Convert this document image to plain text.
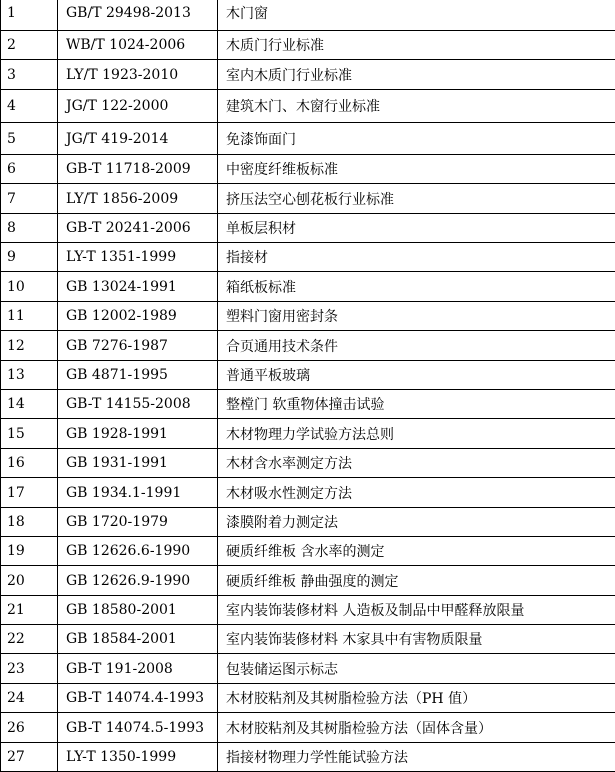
1	GB/T 29498-2013	木门窗
2	WB/T 1024-2006	木质门行业标准
3	LY/T 1923-2010	室内木质门行业标准
4	JG/T 122-2000	建筑木门、木窗行业标准
5	JG/T 419-2014	免漆饰面门
6	GB-T 11718-2009	中密度纤维板标准
7	LY/T 1856-2009	挤压法空心刨花板行业标准
8	GB-T 20241-2006	单板层积材
9	LY-T 1351-1999	指接材
10	GB 13024-1991	箱纸板标准
11	GB 12002-1989	塑料门窗用密封条
12	GB 7276-1987	合页通用技术条件
13	GB 4871-1995	普通平板玻璃
14	GB-T 14155-2008	整樘门 软重物体撞击试验
15	GB 1928-1991	木材物理力学试验方法总则
16	GB 1931-1991	木材含水率测定方法
17	GB 1934.1-1991	木材吸水性测定方法
18	GB 1720-1979	漆膜附着力测定法
19	GB 12626.6-1990	硬质纤维板 含水率的测定
20	GB 12626.9-1990	硬质纤维板 静曲强度的测定
21	GB 18580-2001	室内装饰装修材料 人造板及制品中甲醛释放限量
22	GB 18584-2001	室内装饰装修材料 木家具中有害物质限量
23	GB-T 191-2008	包装储运图示标志
24	GB-T 14074.4-1993	木材胶粘剂及其树脂检验方法（PH 值）
26	GB-T 14074.5-1993	木材胶粘剂及其树脂检验方法（固体含量）
27	LY-T 1350-1999	指接材物理力学性能试验方法
